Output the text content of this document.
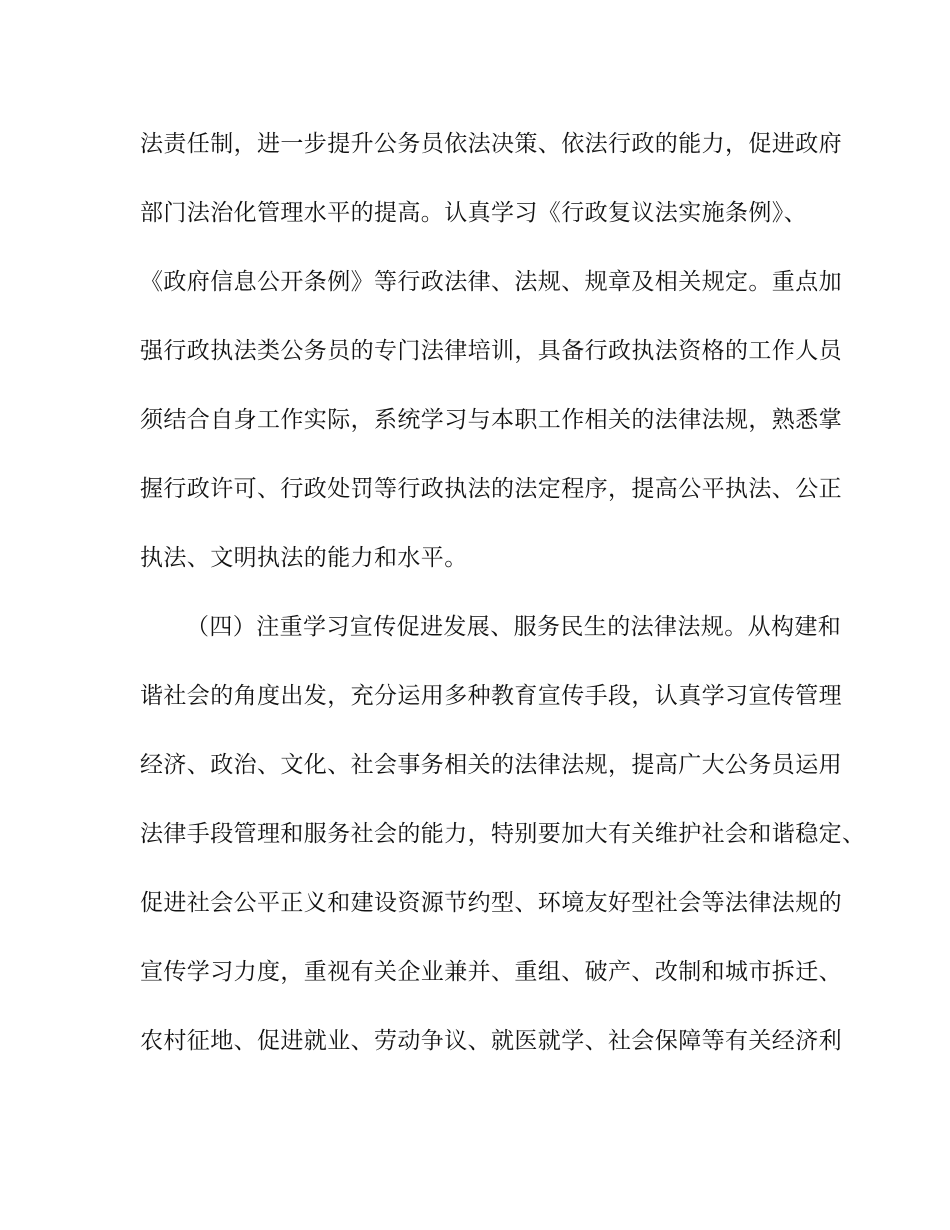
法责任制，进一步提升公务员依法决策、依法行政的能力，促进政府
部门法治化管理水平的提高。认真学习《行政复议法实施条例》、
《政府信息公开条例》等行政法律、法规、规章及相关规定。重点加
强行政执法类公务员的专门法律培训，具备行政执法资格的工作人员
须结合自身工作实际，系统学习与本职工作相关的法律法规，熟悉掌
握行政许可、行政处罚等行政执法的法定程序，提高公平执法、公正
执法、文明执法的能力和水平。
（四）注重学习宣传促进发展、服务民生的法律法规。从构建和
谐社会的角度出发，充分运用多种教育宣传手段，认真学习宣传管理
经济、政治、文化、社会事务相关的法律法规，提高广大公务员运用
法律手段管理和服务社会的能力，特别要加大有关维护社会和谐稳定、
促进社会公平正义和建设资源节约型、环境友好型社会等法律法规的
宣传学习力度，重视有关企业兼并、重组、破产、改制和城市拆迁、
农村征地、促进就业、劳动争议、就医就学、社会保障等有关经济利
